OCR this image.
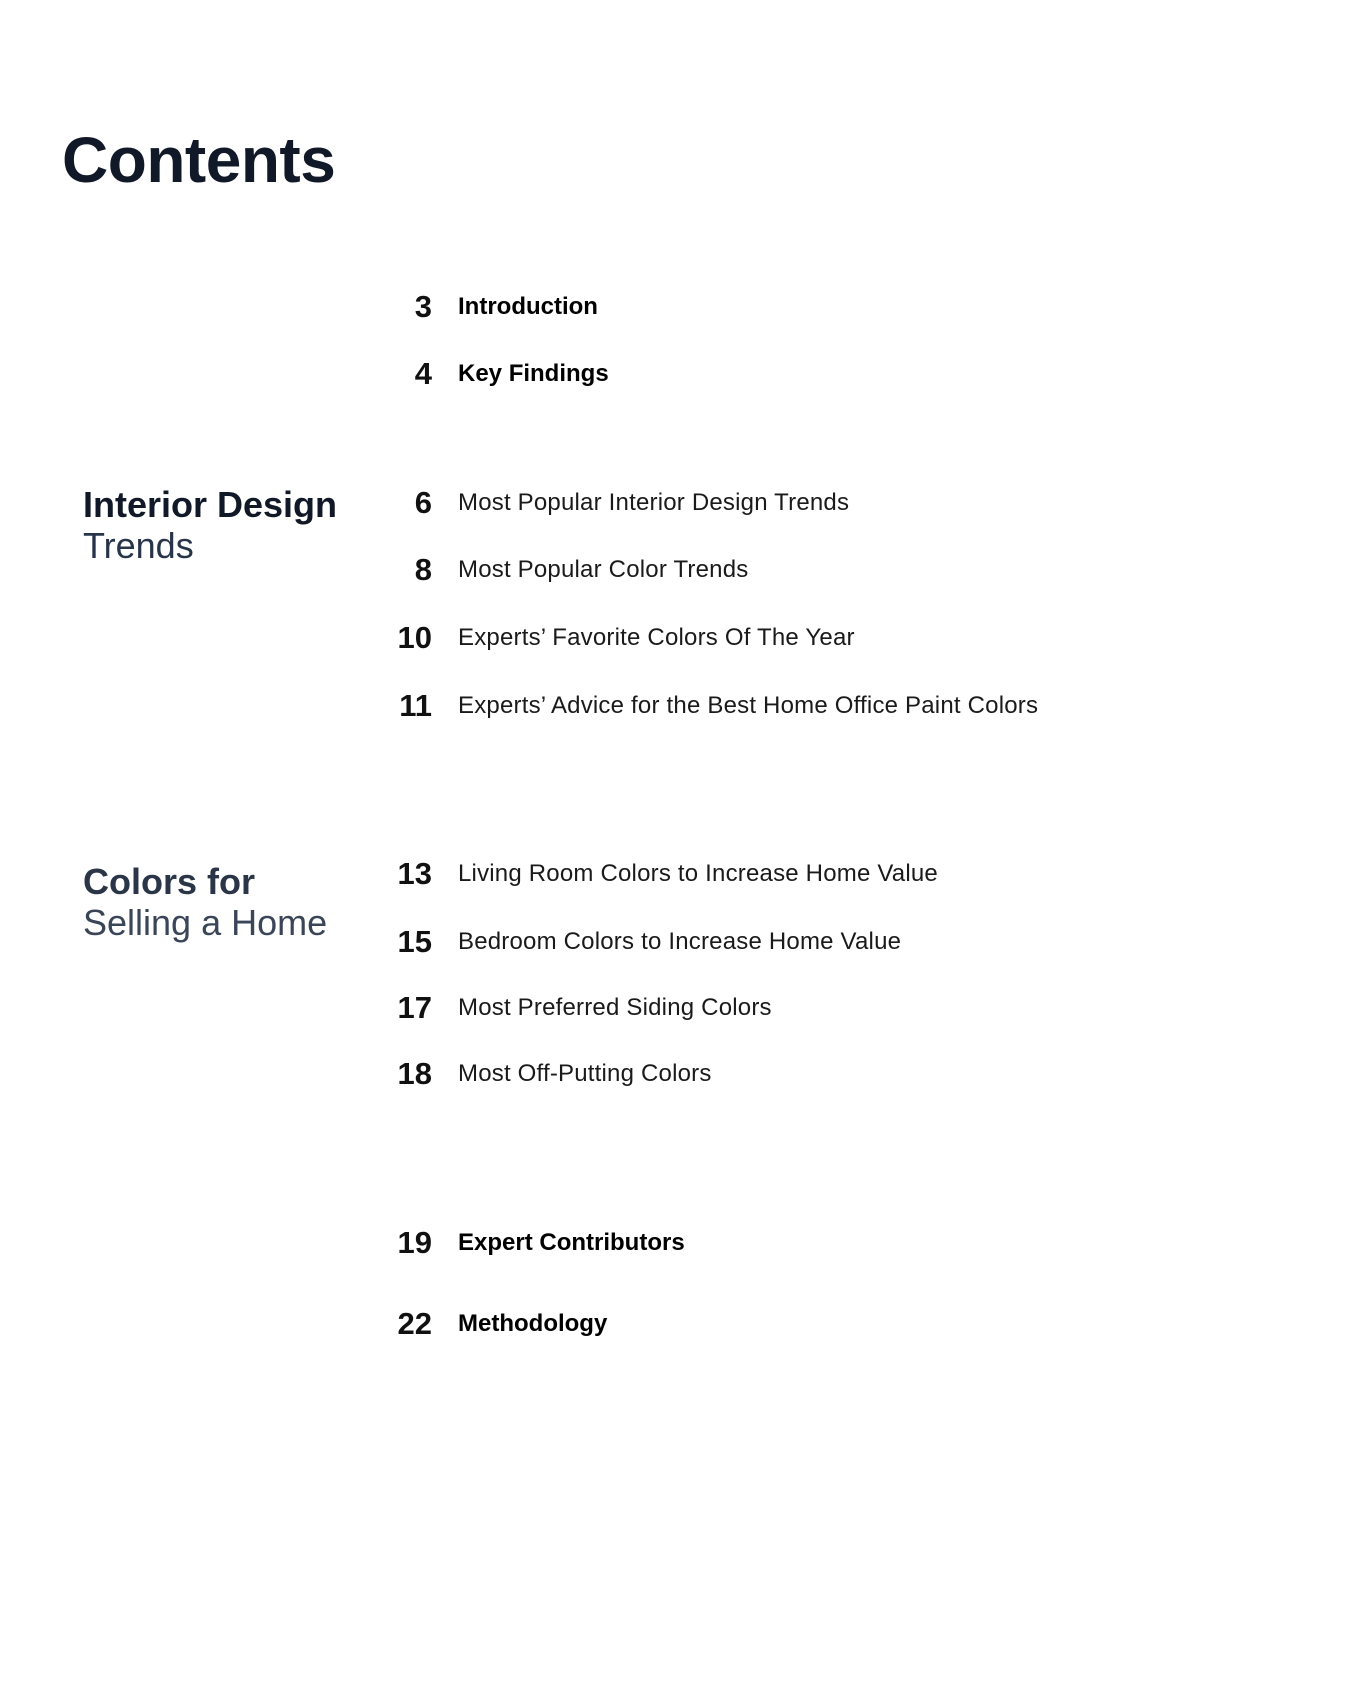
Contents
Interior Design
Trends
Colors for
Selling a Home
3 Introduction
4 Key Findings
6 Most Popular Interior Design Trends
8 Most Popular Color Trends
10 Experts’ Favorite Colors Of The Year
11 Experts’ Advice for the Best Home Office Paint Colors
13 Living Room Colors to Increase Home Value
15 Bedroom Colors to Increase Home Value
17 Most Preferred Siding Colors
18 Most Off-Putting Colors
19 Expert Contributors
22 Methodology
